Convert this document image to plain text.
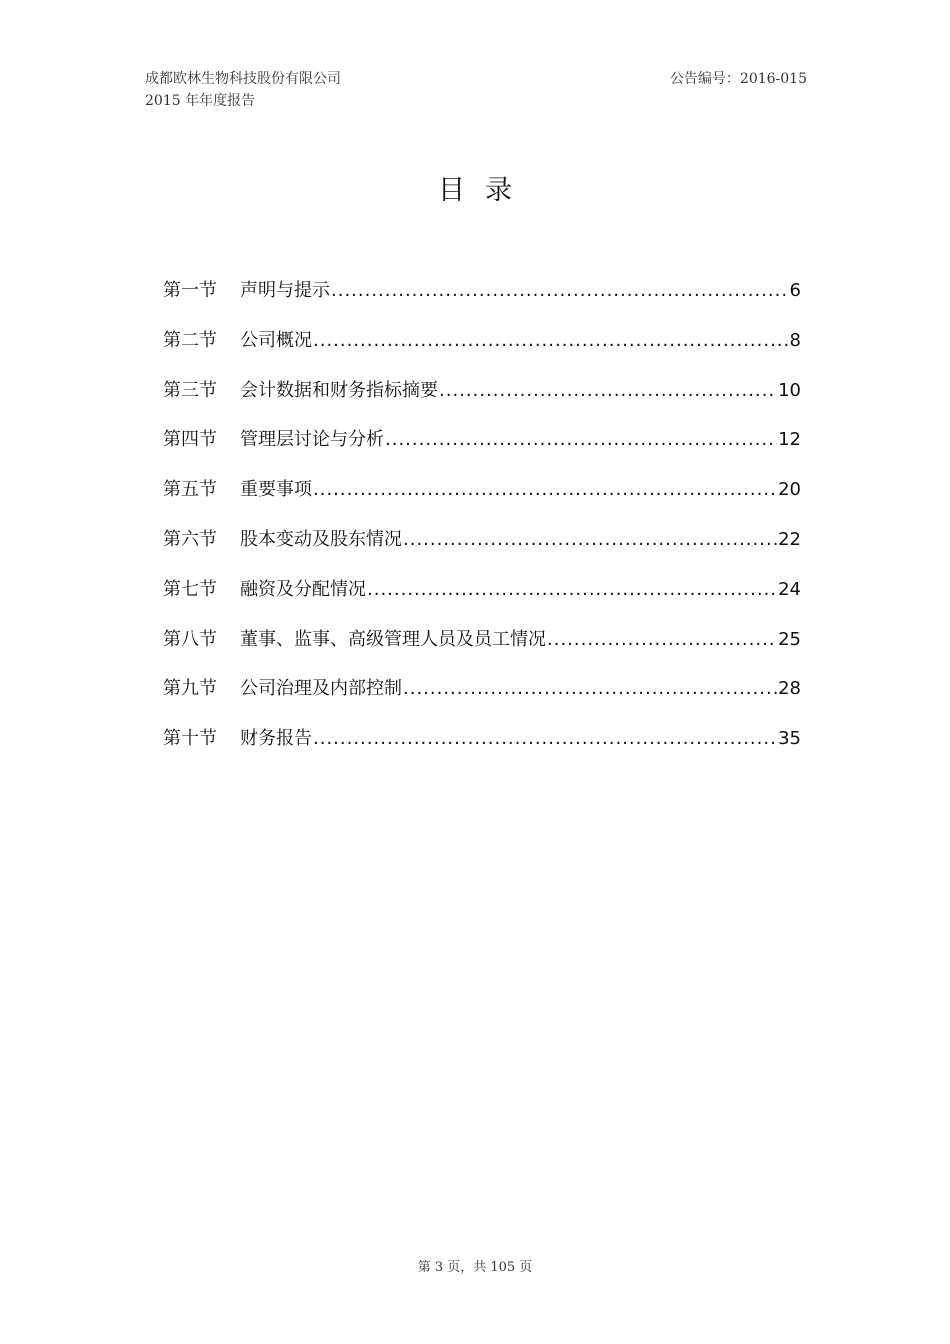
成都欧林生物科技股份有限公司
2015 年年度报告
公告编号：2016-015
目录
第一节	声明与提示 .....	6
第二节	公司概况 .....	8
第三节	会计数据和财务指标摘要 .....	10
第四节	管理层讨论与分析 .....	12
第五节	重要事项 .....	20
第六节	股本变动及股东情况 .....	22
第七节	融资及分配情况 .....	24
第八节	董事、监事、高级管理人员及员工情况 .....	25
第九节	公司治理及内部控制 .....	28
第十节	财务报告 .....	35
第 3 页，共 105 页
